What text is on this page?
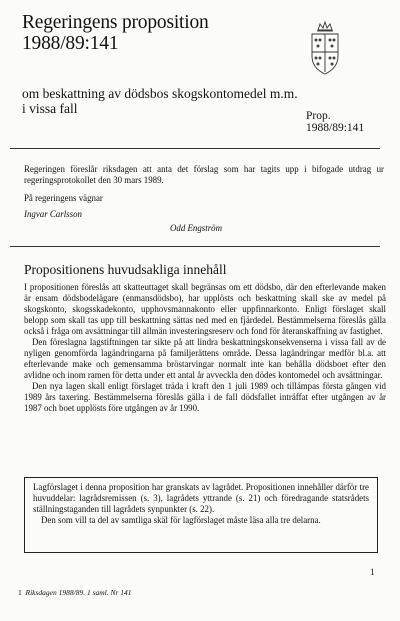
Regeringens proposition
1988/89:141
om beskattning av dödsbos skogskontomedel m.m. i vissa fall	Prop.
1988/89:141
Regeringen föreslår riksdagen att anta det förslag som har tagits upp i bifogade utdrag ur regeringsprotokollet den 30 mars 1989.
På regeringens vägnar
Ingvar Carlsson
Odd Engström
Propositionens huvudsakliga innehåll

I propositionen föreslås att skatteuttaget skall begränsas om ett dödsbo, där den efterlevande maken är ensam dödsbodelägare (enmansdödsbo), har upplösts och beskattning skall ske av medel på skogskonto, skogsskadekonto, upphovsmannakonto eller uppfinnarkonto. Enligt förslaget skall belopp som skall tas upp till beskattning sättas ned med en fjärdedel. Bestämmelserna föreslås gälla också i fråga om avsättningar till allmän investeringsreserv och fond för återanskaffning av fastighet.

Den föreslagna lagstiftningen tar sikte på att lindra beskattningskonsekvenserna i vissa fall av de nyligen genomförda lagändringarna på familjerättens område. Dessa lagändringar medför bl.a. att efterlevande make och gemensamma bröstarvingar normalt inte kan behålla dödsboet efter den avlidne och inom ramen för detta under ett antal år avveckla den dödes kontomedel och avsättningar.

Den nya lagen skall enligt förslaget träda i kraft den 1 juli 1989 och tillämpas första gången vid 1989 års taxering. Bestämmelserna föreslås gälla i de fall dödsfallet inträffat efter utgången av år 1987 och boet upplösts före utgången av år 1990.

Lagförslaget i denna proposition har granskats av lagrådet. Propositionen innehåller därför tre huvuddelar: lagrådsremissen (s. 3), lagrådets yttrande (s. 21) och föredragande statsrådets ställningstaganden till lagrådets synpunkter (s. 22).

Den som vill ta del av samtliga skäl för lagförslaget måste läsa alla tre delarna.

1
1 Riksdagen 1988/89. 1 saml. Nr 141
